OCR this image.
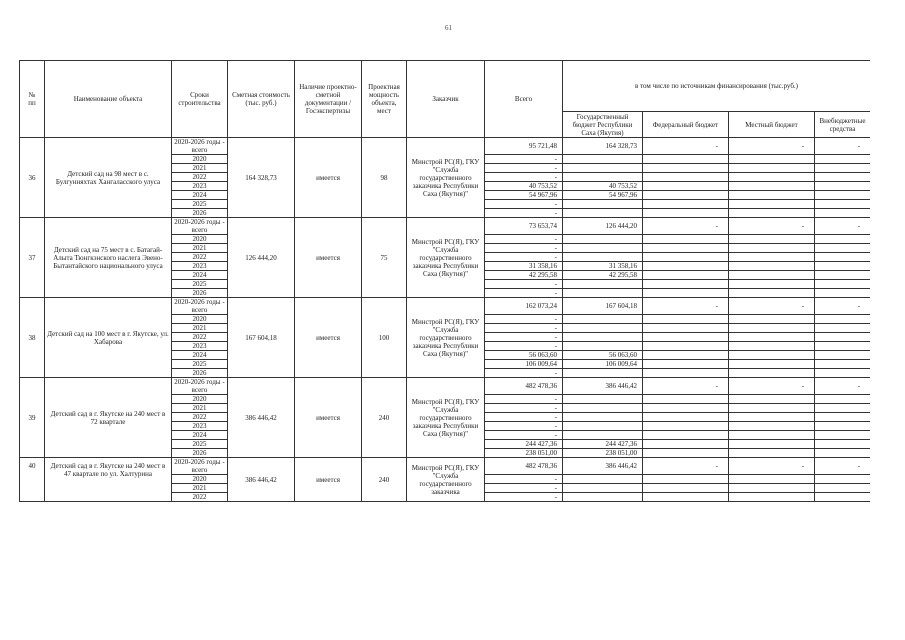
61
№
пп	Наименование объекта	Сроки строительства	Сметная стоимость (тыс. руб.)	Наличие проектно-сметной документации /Госэкспертизы	Проектная мощность объекта, мест	Заказчик	Всего	в том числе по источникам финансирования (тыс.руб.)			
								Государственный бюджет Республики Саха (Якутия)	Федеральный бюджет	Местный бюджет	Внебюджетные средства
36	Детский сад на 98 мест в с. Булгунняхтах Хангаласского улуса	2020-2026 годы - всего	164 328,73	имеется	98	Минстрой РС(Я), ГКУ "Служба государственного заказчика Республики Саха (Якутия)"	95 721,48	164 328,73	-	-	-
		2020					-				
		2021					-				
		2022					-				
		2023					40 753,52	40 753,52			
		2024					54 967,96	54 967,96			
		2025					-				
		2026					-				
37	Детский сад на 75 мест в с. Батагай-Алыта Тюнгкэнского наслега Эвено-Бытантайского национального улуса	2020-2026 годы - всего	126 444,20	имеется	75	Минстрой РС(Я), ГКУ "Служба государственного заказчика Республики Саха (Якутия)"	73 653,74	126 444,20	-	-	-
		2020					-				
		2021					-				
		2022					-				
		2023					31 358,16	31 358,16			
		2024					42 295,58	42 295,58			
		2025					-				
		2026					-				
38	Детский сад на 100 мест в г. Якутске, ул. Хабарова	2020-2026 годы - всего	167 604,18	имеется	100	Минстрой РС(Я), ГКУ "Служба государственного заказчика Республики Саха (Якутия)"	162 073,24	167 604,18	-	-	-
		2020					-				
		2021					-				
		2022					-				
		2023					-				
		2024					56 063,60	56 063,60			
		2025					106 009,64	106 009,64			
		2026					-				
39	Детский сад в г. Якутске на 240 мест в 72 квартале	2020-2026 годы - всего	386 446,42	имеется	240	Минстрой РС(Я), ГКУ "Служба государственного заказчика Республики Саха (Якутия)"	482 478,36	386 446,42	-	-	-
		2020					-				
		2021					-				
		2022					-				
		2023					-				
		2024					-				
		2025					244 427,36	244 427,36			
		2026					238 051,00	238 051,00			
40	Детский сад в г. Якутске на 240 мест в 47 квартале по ул. Халтурина	2020-2026 годы - всего	386 446,42	имеется	240	Минстрой РС(Я), ГКУ "Служба государственного заказчика	482 478,36	386 446,42	-	-	-
		2020					-				
		2021					-				
		2022					-				
